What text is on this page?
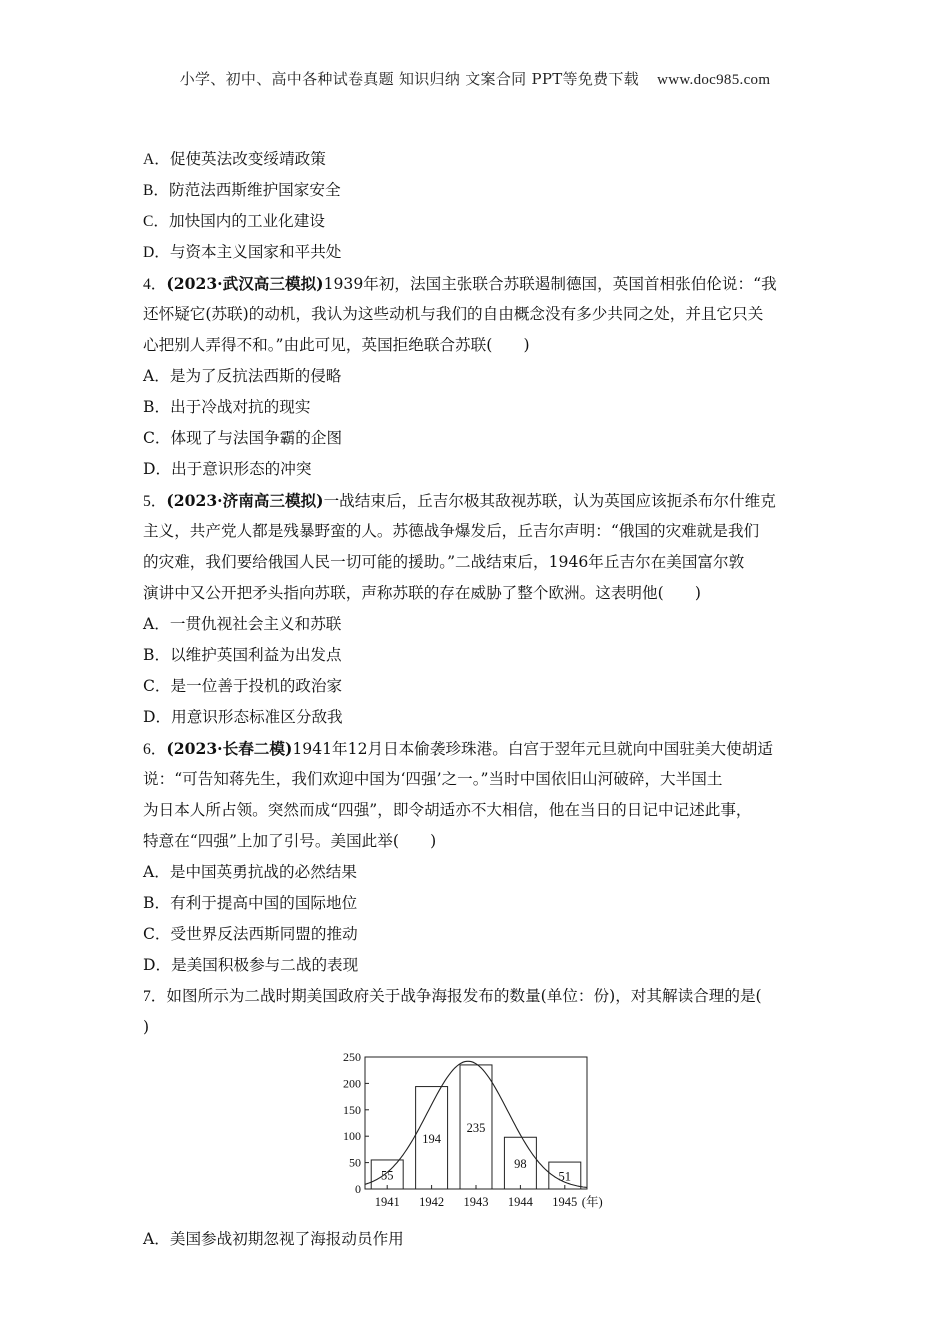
小学、初中、高中各种试卷真题 知识归纳 文案合同 PPT等免费下载 www.doc985.com
A．促使英法改变绥靖政策
B．防范法西斯维护国家安全
C．加快国内的工业化建设
D．与资本主义国家和平共处
4．(2023·武汉高三模拟)1939年初，法国主张联合苏联遏制德国，英国首相张伯伦说：“我
还怀疑它(苏联)的动机，我认为这些动机与我们的自由概念没有多少共同之处，并且它只关
心把别人弄得不和。”由此可见，英国拒绝联合苏联(　　)
A．是为了反抗法西斯的侵略
B．出于冷战对抗的现实
C．体现了与法国争霸的企图
D．出于意识形态的冲突
5．(2023·济南高三模拟)一战结束后，丘吉尔极其敌视苏联，认为英国应该扼杀布尔什维克
主义，共产党人都是残暴野蛮的人。苏德战争爆发后，丘吉尔声明：“俄国的灾难就是我们
的灾难，我们要给俄国人民一切可能的援助。”二战结束后，1946年丘吉尔在美国富尔敦
演讲中又公开把矛头指向苏联，声称苏联的存在威胁了整个欧洲。这表明他(　　)
A．一贯仇视社会主义和苏联
B．以维护英国利益为出发点
C．是一位善于投机的政治家
D．用意识形态标准区分敌我
6．(2023·长春二模)1941年12月日本偷袭珍珠港。白宫于翌年元旦就向中国驻美大使胡适
说：“可告知蒋先生，我们欢迎中国为‘四强’之一。”当时中国依旧山河破碎，大半国土
为日本人所占领。突然而成“四强”，即令胡适亦不大相信，他在当日的日记中记述此事，
特意在“四强”上加了引号。美国此举(　　)
A．是中国英勇抗战的必然结果
B．有利于提高中国的国际地位
C．受世界反法西斯同盟的推动
D．是美国积极参与二战的表现
7．如图所示为二战时期美国政府关于战争海报发布的数量(单位：份)，对其解读合理的是(
)
0
50
100
150
200
250
55
1941
194
1942
235
1943
98
1944
51
1945 (年)
A．美国参战初期忽视了海报动员作用
